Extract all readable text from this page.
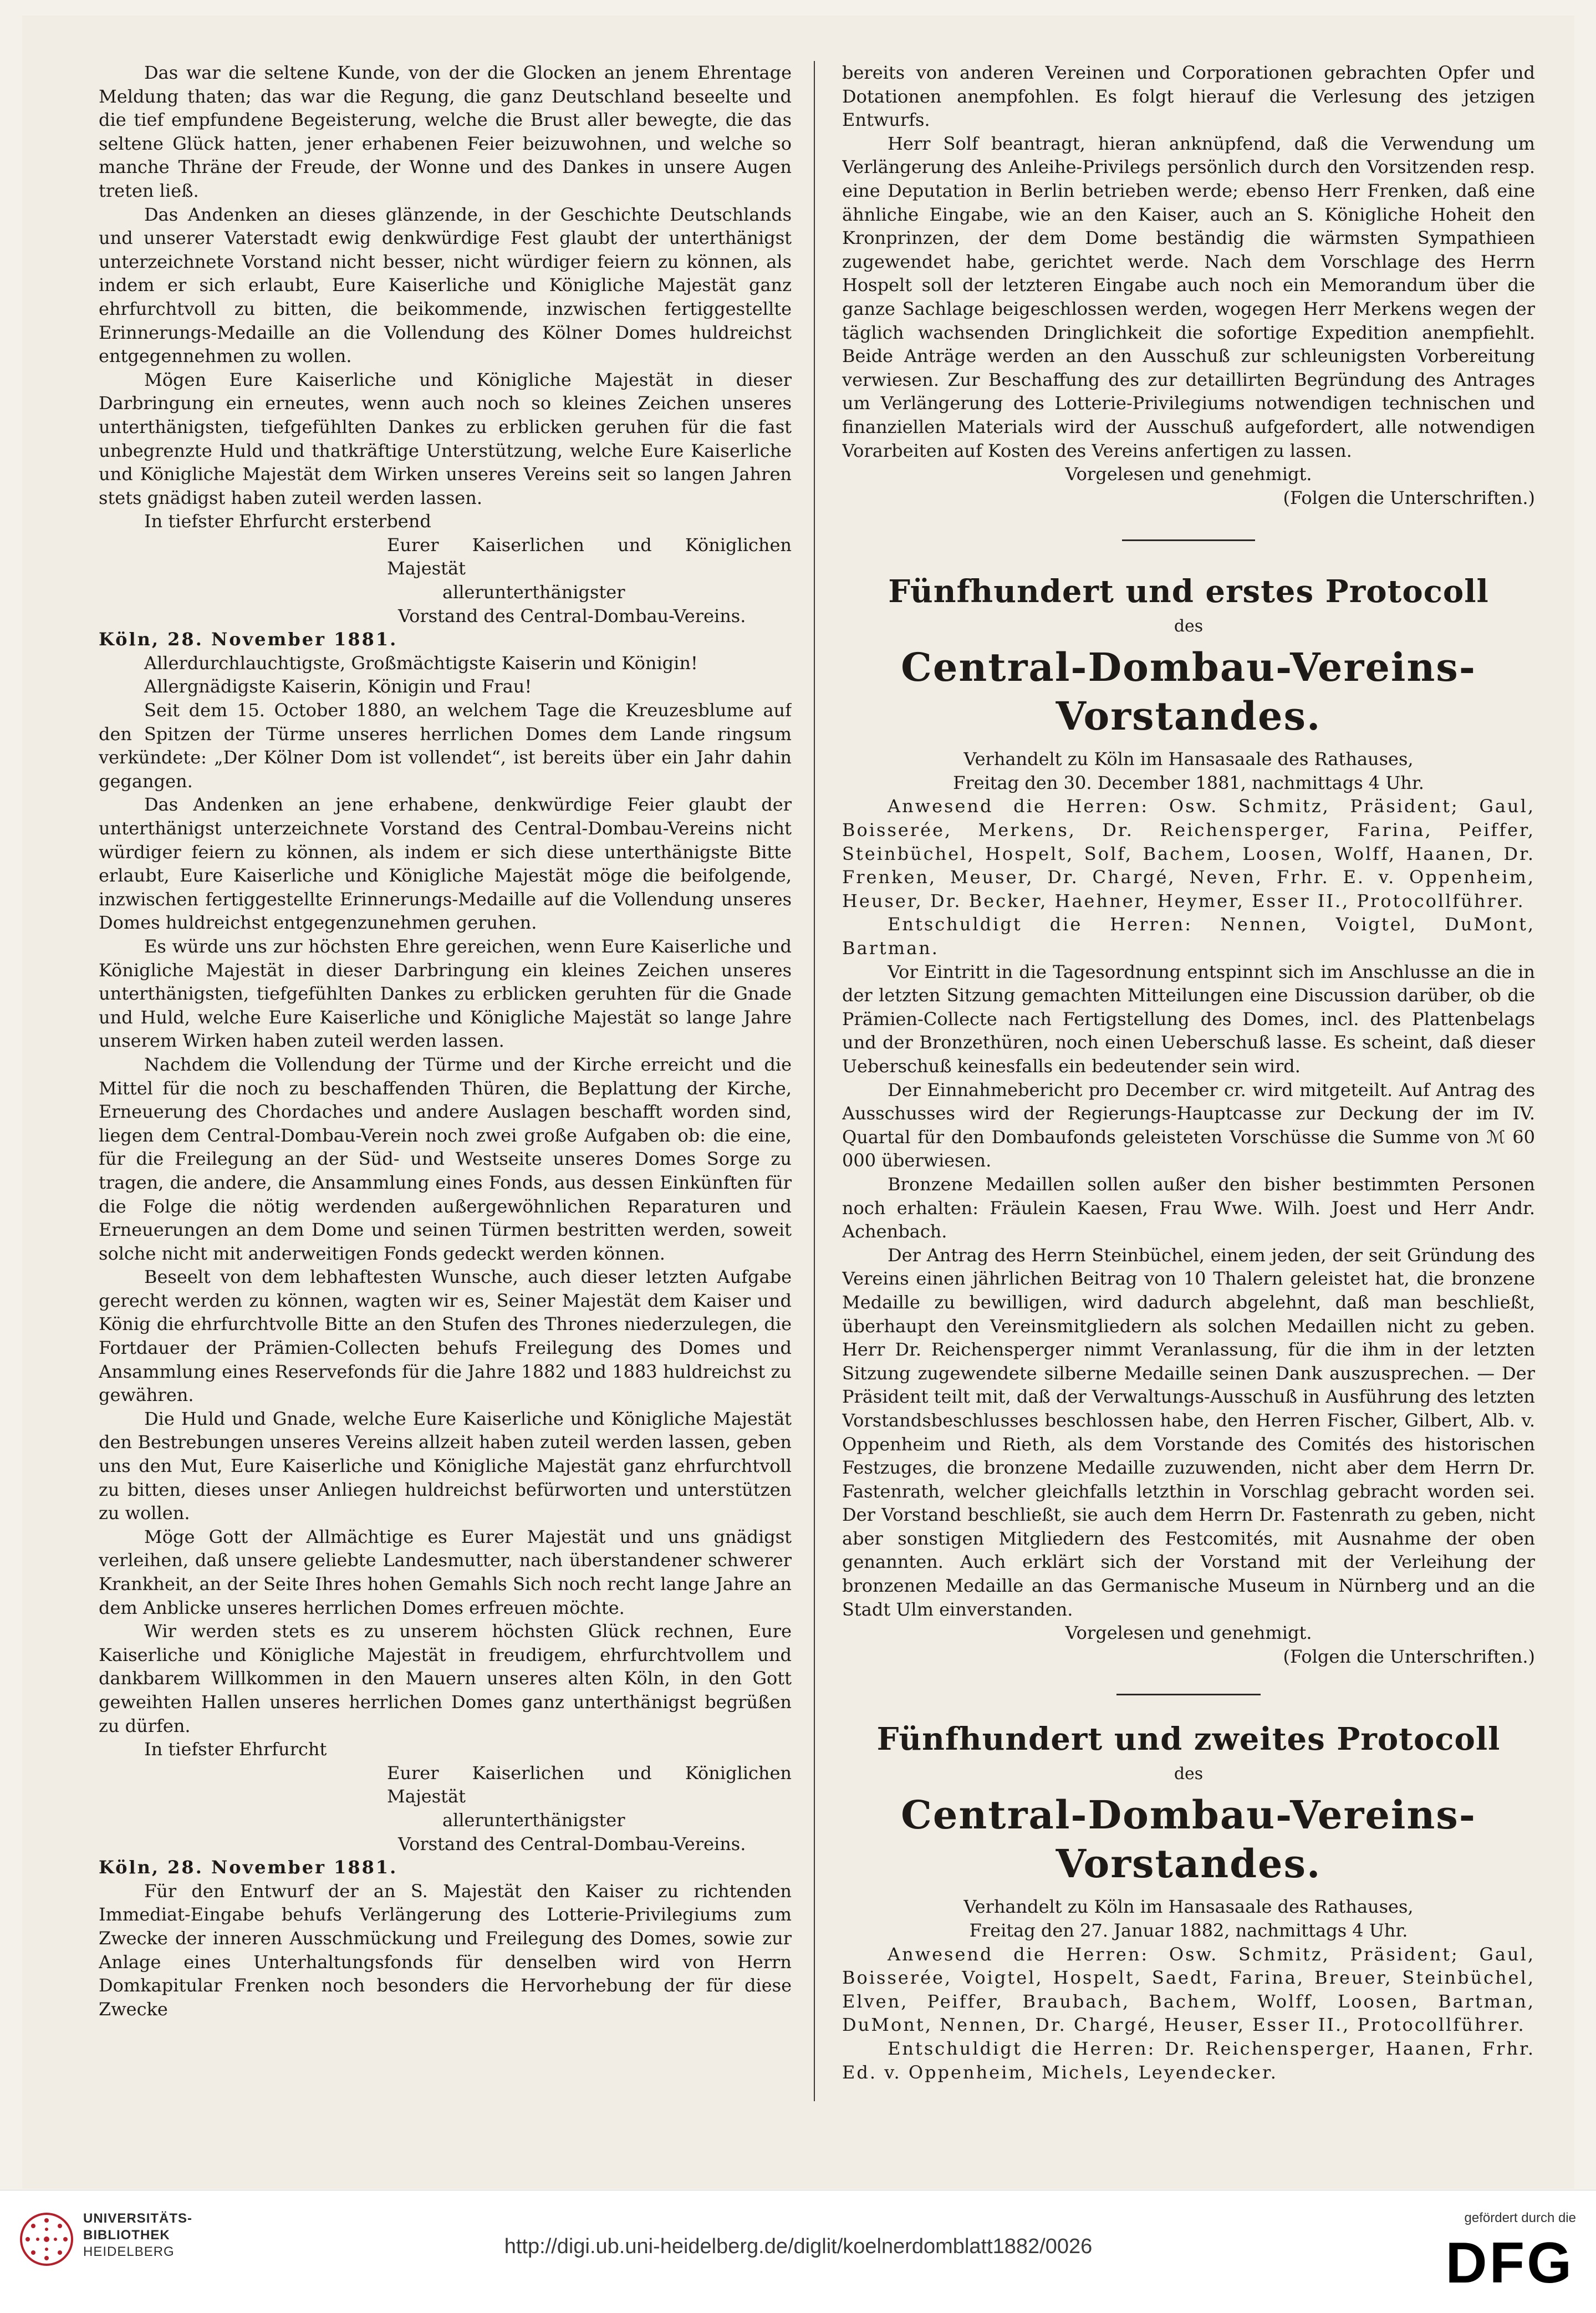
Das war die seltene Kunde, von der die Glocken an jenem Ehrentage Meldung thaten; das war die Regung, die ganz Deutschland beseelte und die tief empfundene Begeisterung, welche die Brust aller bewegte, die das seltene Glück hatten, jener erhabenen Feier beizuwohnen, und welche so manche Thräne der Freude, der Wonne und des Dankes in unsere Augen treten ließ.

Das Andenken an dieses glänzende, in der Geschichte Deutschlands und unserer Vaterstadt ewig denkwürdige Fest glaubt der unterthänigst unterzeichnete Vorstand nicht besser, nicht würdiger feiern zu können, als indem er sich erlaubt, Eure Kaiserliche und Königliche Majestät ganz ehrfurchtvoll zu bitten, die beikommende, inzwischen fertiggestellte Erinnerungs-Medaille an die Vollendung des Kölner Domes huldreichst entgegennehmen zu wollen.

Mögen Eure Kaiserliche und Königliche Majestät in dieser Darbringung ein erneutes, wenn auch noch so kleines Zeichen unseres unterthänigsten, tiefgefühlten Dankes zu erblicken geruhen für die fast unbegrenzte Huld und thatkräftige Unterstützung, welche Eure Kaiserliche und Königliche Majestät dem Wirken unseres Vereins seit so langen Jahren stets gnädigst haben zuteil werden lassen.

In tiefster Ehrfurcht ersterbend

Eurer Kaiserlichen und Königlichen Majestät

allerunterthänigster

Vorstand des Central-Dombau-Vereins.

Köln, 28. November 1881.

Allerdurchlauchtigste, Großmächtigste Kaiserin und Königin!

Allergnädigste Kaiserin, Königin und Frau!

Seit dem 15. October 1880, an welchem Tage die Kreuzesblume auf den Spitzen der Türme unseres herrlichen Domes dem Lande ringsum verkündete: „Der Kölner Dom ist vollendet“, ist bereits über ein Jahr dahin gegangen.

Das Andenken an jene erhabene, denkwürdige Feier glaubt der unterthänigst unterzeichnete Vorstand des Central-Dombau-Vereins nicht würdiger feiern zu können, als indem er sich diese unterthänigste Bitte erlaubt, Eure Kaiserliche und Königliche Majestät möge die beifolgende, inzwischen fertiggestellte Erinnerungs-Medaille auf die Vollendung unseres Domes huldreichst entgegenzunehmen geruhen.

Es würde uns zur höchsten Ehre gereichen, wenn Eure Kaiserliche und Königliche Majestät in dieser Darbringung ein kleines Zeichen unseres unterthänigsten, tiefgefühlten Dankes zu erblicken geruhten für die Gnade und Huld, welche Eure Kaiserliche und Königliche Majestät so lange Jahre unserem Wirken haben zuteil werden lassen.

Nachdem die Vollendung der Türme und der Kirche erreicht und die Mittel für die noch zu beschaffenden Thüren, die Beplattung der Kirche, Erneuerung des Chordaches und andere Auslagen beschafft worden sind, liegen dem Central-Dombau-Verein noch zwei große Aufgaben ob: die eine, für die Freilegung an der Süd- und Westseite unseres Domes Sorge zu tragen, die andere, die Ansammlung eines Fonds, aus dessen Einkünften für die Folge die nötig werdenden außergewöhnlichen Reparaturen und Erneuerungen an dem Dome und seinen Türmen bestritten werden, soweit solche nicht mit anderweitigen Fonds gedeckt werden können.

Beseelt von dem lebhaftesten Wunsche, auch dieser letzten Aufgabe gerecht werden zu können, wagten wir es, Seiner Majestät dem Kaiser und König die ehrfurchtvolle Bitte an den Stufen des Thrones niederzulegen, die Fortdauer der Prämien-Collecten behufs Freilegung des Domes und Ansammlung eines Reservefonds für die Jahre 1882 und 1883 huldreichst zu gewähren.

Die Huld und Gnade, welche Eure Kaiserliche und Königliche Majestät den Bestrebungen unseres Vereins allzeit haben zuteil werden lassen, geben uns den Mut, Eure Kaiserliche und Königliche Majestät ganz ehrfurchtvoll zu bitten, dieses unser Anliegen huldreichst befürworten und unterstützen zu wollen.

Möge Gott der Allmächtige es Eurer Majestät und uns gnädigst verleihen, daß unsere geliebte Landesmutter, nach überstandener schwerer Krankheit, an der Seite Ihres hohen Gemahls Sich noch recht lange Jahre an dem Anblicke unseres herrlichen Domes erfreuen möchte.

Wir werden stets es zu unserem höchsten Glück rechnen, Eure Kaiserliche und Königliche Majestät in freudigem, ehrfurchtvollem und dankbarem Willkommen in den Mauern unseres alten Köln, in den Gott geweihten Hallen unseres herrlichen Domes ganz unterthänigst begrüßen zu dürfen.

In tiefster Ehrfurcht

Eurer Kaiserlichen und Königlichen Majestät

allerunterthänigster

Vorstand des Central-Dombau-Vereins.

Köln, 28. November 1881.

Für den Entwurf der an S. Majestät den Kaiser zu richtenden Immediat-Eingabe behufs Verlängerung des Lotterie-Privilegiums zum Zwecke der inneren Ausschmückung und Freilegung des Domes, sowie zur Anlage eines Unterhaltungsfonds für denselben wird von Herrn Domkapitular Frenken noch besonders die Hervorhebung der für diese Zwecke

bereits von anderen Vereinen und Corporationen gebrachten Opfer und Dotationen anempfohlen. Es folgt hierauf die Verlesung des jetzigen Entwurfs.

Herr Solf beantragt, hieran anknüpfend, daß die Verwendung um Verlängerung des Anleihe-Privilegs persönlich durch den Vorsitzenden resp. eine Deputation in Berlin betrieben werde; ebenso Herr Frenken, daß eine ähnliche Eingabe, wie an den Kaiser, auch an S. Königliche Hoheit den Kronprinzen, der dem Dome beständig die wärmsten Sympathieen zugewendet habe, gerichtet werde. Nach dem Vorschlage des Herrn Hospelt soll der letzteren Eingabe auch noch ein Memorandum über die ganze Sachlage beigeschlossen werden, wogegen Herr Merkens wegen der täglich wachsenden Dringlichkeit die sofortige Expedition anempfiehlt. Beide Anträge werden an den Ausschuß zur schleunigsten Vorbereitung verwiesen. Zur Beschaffung des zur detaillirten Begründung des Antrages um Verlängerung des Lotterie-Privilegiums notwendigen technischen und finanziellen Materials wird der Ausschuß aufgefordert, alle notwendigen Vorarbeiten auf Kosten des Vereins anfertigen zu lassen.

Vorgelesen und genehmigt.

(Folgen die Unterschriften.)

Fünfhundert und erstes Protocoll
des
Central-Dombau-Vereins-Vorstandes.

Verhandelt zu Köln im Hansasaale des Rathauses,

Freitag den 30. December 1881, nachmittags 4 Uhr.

Anwesend die Herren: Osw. Schmitz, Präsident; Gaul, Boisserée, Merkens, Dr. Reichensperger, Farina, Peiffer, Steinbüchel, Hospelt, Solf, Bachem, Loosen, Wolff, Haanen, Dr. Frenken, Meuser, Dr. Chargé, Neven, Frhr. E. v. Oppenheim, Heuser, Dr. Becker, Haehner, Heymer, Esser II., Protocollführer.

Entschuldigt die Herren: Nennen, Voigtel, DuMont, Bartman.

Vor Eintritt in die Tagesordnung entspinnt sich im Anschlusse an die in der letzten Sitzung gemachten Mitteilungen eine Discussion darüber, ob die Prämien-Collecte nach Fertigstellung des Domes, incl. des Plattenbelags und der Bronzethüren, noch einen Ueberschuß lasse. Es scheint, daß dieser Ueberschuß keinesfalls ein bedeutender sein wird.

Der Einnahmebericht pro December cr. wird mitgeteilt. Auf Antrag des Ausschusses wird der Regierungs-Hauptcasse zur Deckung der im IV. Quartal für den Dombaufonds geleisteten Vorschüsse die Summe von ℳ 60 000 überwiesen.

Bronzene Medaillen sollen außer den bisher bestimmten Personen noch erhalten: Fräulein Kaesen, Frau Wwe. Wilh. Joest und Herr Andr. Achenbach.

Der Antrag des Herrn Steinbüchel, einem jeden, der seit Gründung des Vereins einen jährlichen Beitrag von 10 Thalern geleistet hat, die bronzene Medaille zu bewilligen, wird dadurch abgelehnt, daß man beschließt, überhaupt den Vereinsmitgliedern als solchen Medaillen nicht zu geben. Herr Dr. Reichensperger nimmt Veranlassung, für die ihm in der letzten Sitzung zugewendete silberne Medaille seinen Dank auszusprechen. — Der Präsident teilt mit, daß der Verwaltungs-Ausschuß in Ausführung des letzten Vorstandsbeschlusses beschlossen habe, den Herren Fischer, Gilbert, Alb. v. Oppenheim und Rieth, als dem Vorstande des Comités des historischen Festzuges, die bronzene Medaille zuzuwenden, nicht aber dem Herrn Dr. Fastenrath, welcher gleichfalls letzthin in Vorschlag gebracht worden sei. Der Vorstand beschließt, sie auch dem Herrn Dr. Fastenrath zu geben, nicht aber sonstigen Mitgliedern des Festcomités, mit Ausnahme der oben genannten. Auch erklärt sich der Vorstand mit der Verleihung der bronzenen Medaille an das Germanische Museum in Nürnberg und an die Stadt Ulm einverstanden.

Vorgelesen und genehmigt.

(Folgen die Unterschriften.)

Fünfhundert und zweites Protocoll
des
Central-Dombau-Vereins-Vorstandes.

Verhandelt zu Köln im Hansasaale des Rathauses,

Freitag den 27. Januar 1882, nachmittags 4 Uhr.

Anwesend die Herren: Osw. Schmitz, Präsident; Gaul, Boisserée, Voigtel, Hospelt, Saedt, Farina, Breuer, Steinbüchel, Elven, Peiffer, Braubach, Bachem, Wolff, Loosen, Bartman, DuMont, Nennen, Dr. Chargé, Heuser, Esser II., Protocollführer.

Entschuldigt die Herren: Dr. Reichensperger, Haanen, Frhr. Ed. v. Oppenheim, Michels, Leyendecker.

UNIVERSITÄTS-
BIBLIOTHEK
HEIDELBERG	http://digi.ub.uni-heidelberg.de/diglit/koelnerdomblatt1882/0026
gefördert durch die
DFG
